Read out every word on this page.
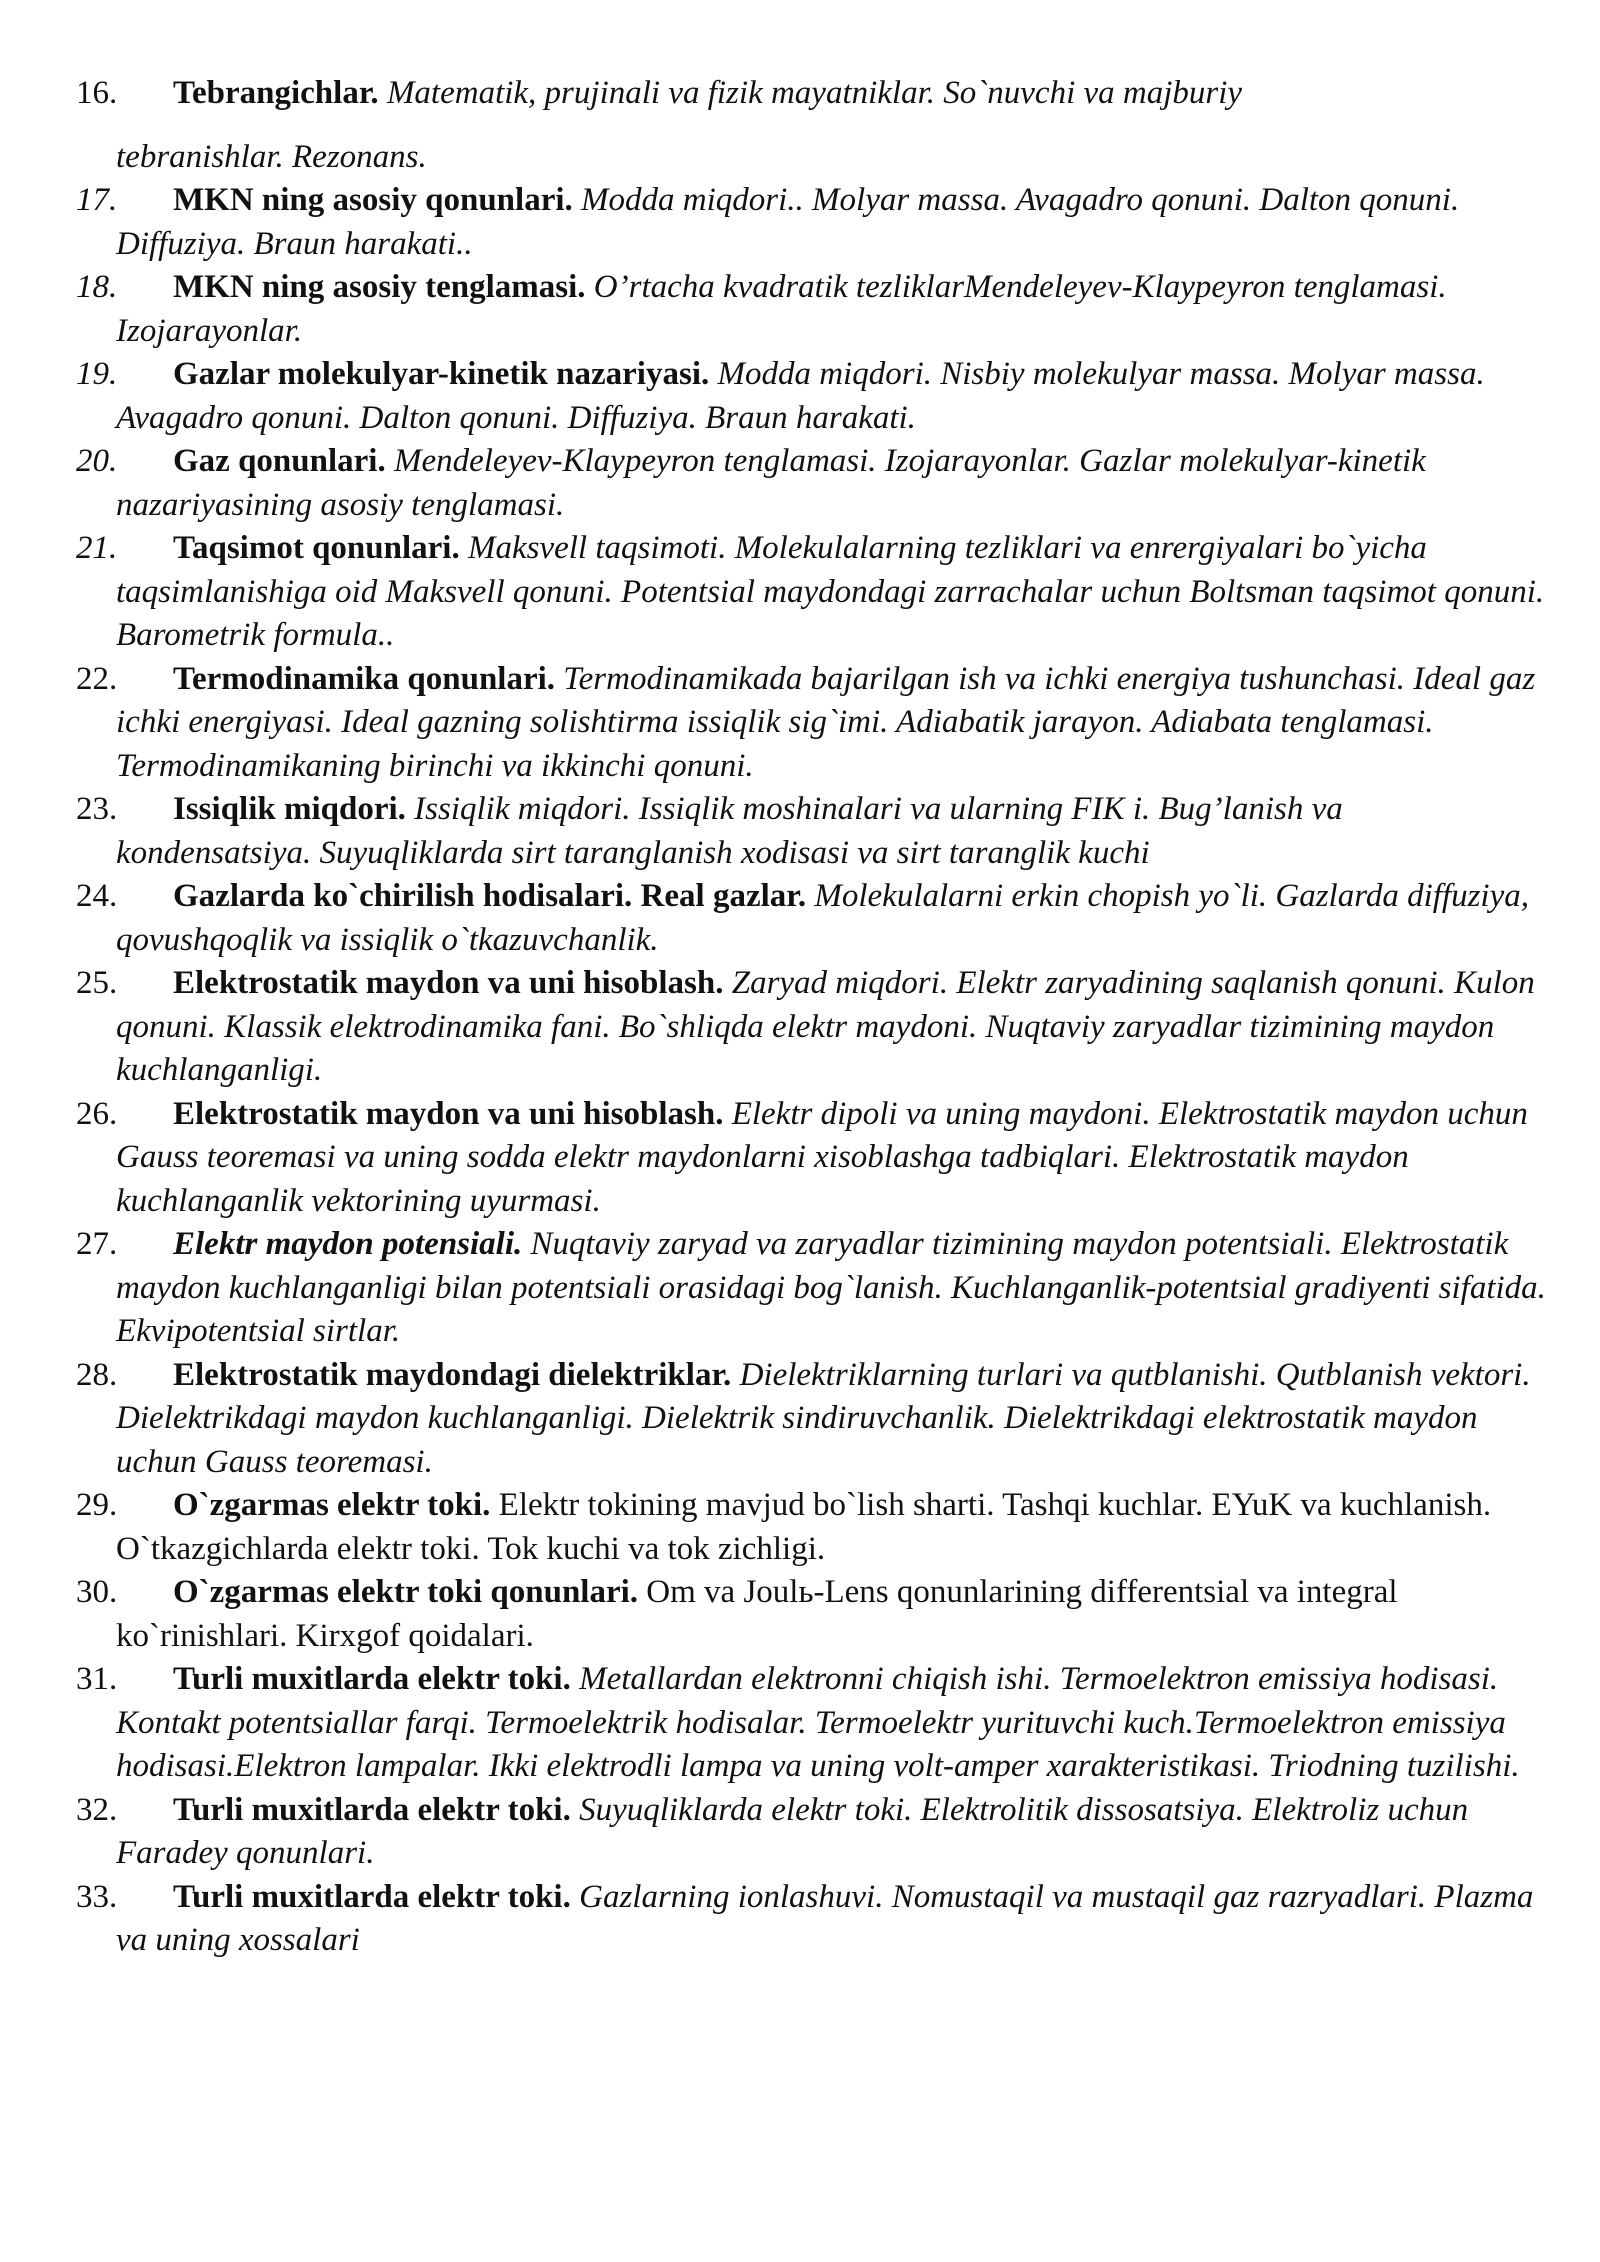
16. Tebrangichlar. Matematik, prujinali va fizik mayatniklar. So`nuvchi va majburiy
tebranishlar. Rezonans.

17. MKN ning asosiy qonunlari. Modda miqdori.. Molyar massa. Avagadro qonuni. Dalton qonuni. Diffuziya. Braun harakati..

18. MKN ning asosiy tenglamasi. O’rtacha kvadratik tezliklarMendeleyev-Klaypeyron tenglamasi. Izojarayonlar.

19. Gazlar molekulyar-kinetik nazariyasi. Modda miqdori. Nisbiy molekulyar massa. Molyar massa. Avagadro qonuni. Dalton qonuni. Diffuziya. Braun harakati.

20. Gaz qonunlari. Mendeleyev-Klaypeyron tenglamasi. Izojarayonlar. Gazlar molekulyar-kinetik nazariyasining asosiy tenglamasi.

21. Taqsimot qonunlari. Maksvell taqsimoti. Molekulalarning tezliklari va enrergiyalari bo`yicha taqsimlanishiga oid Maksvell qonuni. Potentsial maydondagi zarrachalar uchun Boltsman taqsimot qonuni. Barometrik formula..

22. Termodinamika qonunlari. Termodinamikada bajarilgan ish va ichki energiya tushunchasi. Ideal gaz ichki energiyasi. Ideal gazning solishtirma issiqlik sig`imi. Adiabatik jarayon. Adiabata tenglamasi. Termodinamikaning birinchi va ikkinchi qonuni.

23. Issiqlik miqdori. Issiqlik miqdori. Issiqlik moshinalari va ularning FIK i. Bug’lanish va kondensatsiya. Suyuqliklarda sirt taranglanish xodisasi va sirt taranglik kuchi

24. Gazlarda ko`chirilish hodisalari. Real gazlar. Molekulalarni erkin chopish yo`li. Gazlarda diffuziya, qovushqoqlik va issiqlik o`tkazuvchanlik.

25. Elektrostatik maydon va uni hisoblash. Zaryad miqdori. Elektr zaryadining saqlanish qonuni. Kulon qonuni. Klassik elektrodinamika fani. Bo`shliqda elektr maydoni. Nuqtaviy zaryadlar tizimining maydon kuchlanganligi.

26. Elektrostatik maydon va uni hisoblash. Elektr dipoli va uning maydoni. Elektrostatik maydon uchun Gauss teoremasi va uning sodda elektr maydonlarni xisoblashga tadbiqlari. Elektrostatik maydon kuchlanganlik vektorining uyurmasi.

27. Elektr maydon potensiali. Nuqtaviy zaryad va zaryadlar tizimining maydon potentsiali. Elektrostatik maydon kuchlanganligi bilan potentsiali orasidagi bog`lanish. Kuchlanganlik-potentsial gradiyenti sifatida. Ekvipotentsial sirtlar.

28. Elektrostatik maydondagi dielektriklar. Dielektriklarning turlari va qutblanishi. Qutblanish vektori. Dielektrikdagi maydon kuchlanganligi. Dielektrik sindiruvchanlik. Dielektrikdagi elektrostatik maydon uchun Gauss teoremasi.

29. O`zgarmas elektr toki. Elektr tokining mavjud bo`lish sharti. Tashqi kuchlar. EYuK va kuchlanish. O`tkazgichlarda elektr toki. Tok kuchi va tok zichligi.

30. O`zgarmas elektr toki qonunlari. Om va Joulь-Lens qonunlarining differentsial va integral ko`rinishlari. Kirxgof qoidalari.

31. Turli muxitlarda elektr toki. Metallardan elektronni chiqish ishi. Termoelektron emissiya hodisasi. Kontakt potentsiallar farqi. Termoelektrik hodisalar. Termoelektr yurituvchi kuch.Termoelektron emissiya hodisasi.Elektron lampalar. Ikki elektrodli lampa va uning volt-amper xarakteristikasi. Triodning tuzilishi.

32. Turli muxitlarda elektr toki. Suyuqliklarda elektr toki. Elektrolitik dissosatsiya. Elektroliz uchun Faradey qonunlari.

33. Turli muxitlarda elektr toki. Gazlarning ionlashuvi. Nomustaqil va mustaqil gaz razryadlari. Plazma va uning xossalari
